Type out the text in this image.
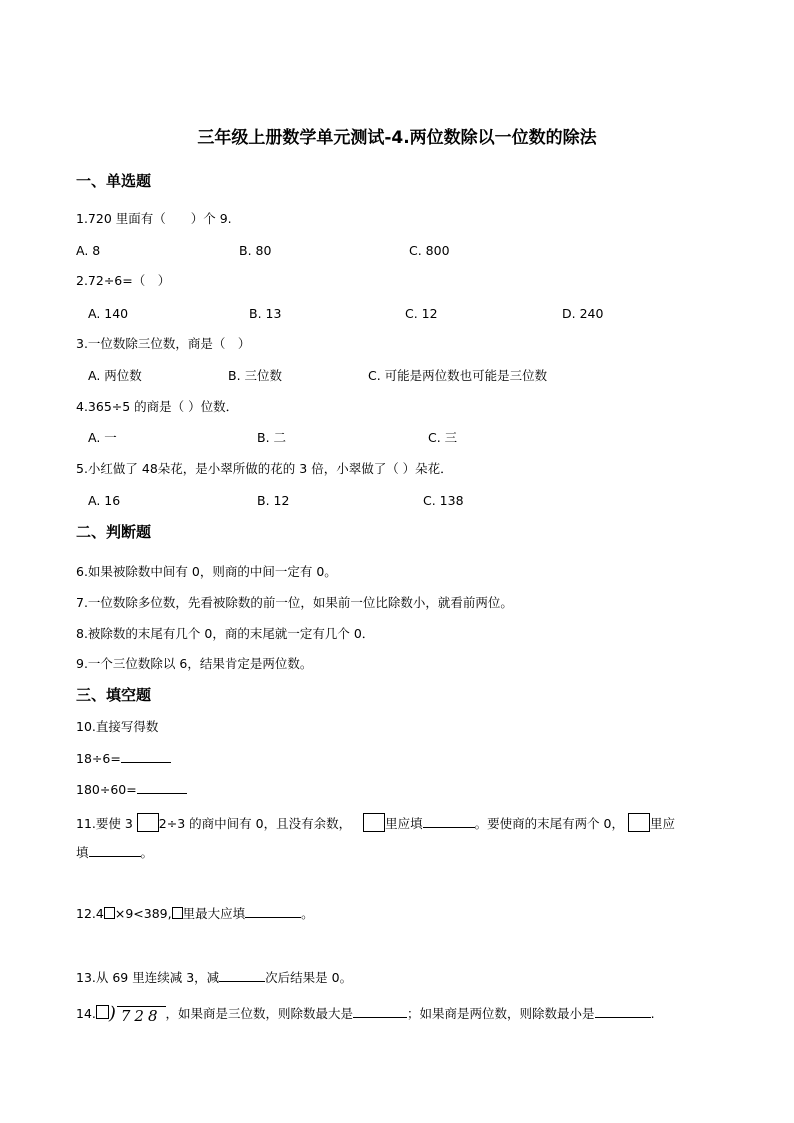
三年级上册数学单元测试-4.两位数除以一位数的除法
一、单选题
1.720 里面有（　　）个 9.
A. 8	B. 80	C. 800
2.72÷6=（　）
A. 140	B. 13	C. 12	D. 240
3.一位数除三位数，商是（　）
A. 两位数	B. 三位数	C. 可能是两位数也可能是三位数
4.365÷5 的商是（ ）位数．
A. 一	B. 二	C. 三
5.小红做了 48朵花，是小翠所做的花的 3 倍，小翠做了（ ）朵花．
A. 16	B. 12	C. 138
二、判断题
6.如果被除数中间有 0，则商的中间一定有 0。
7.一位数除多位数，先看被除数的前一位，如果前一位比除数小，就看前两位。
8.被除数的末尾有几个 0，商的末尾就一定有几个 0．
9.一个三位数除以 6，结果肯定是两位数。
三、填空题
10.直接写得数
18÷6=
180÷60=
11.要使 3 2÷3 的商中间有 0，且没有余数，	里应填	。要使商的末尾有两个 0， 里应
填	。
12.4 ×9<389, 里最大应填	。
13.从 69 里连续减 3，减	次后结果是 0。
14. ) 728 ，如果商是三位数，则除数最大是	；如果商是两位数，则除数最小是	.
